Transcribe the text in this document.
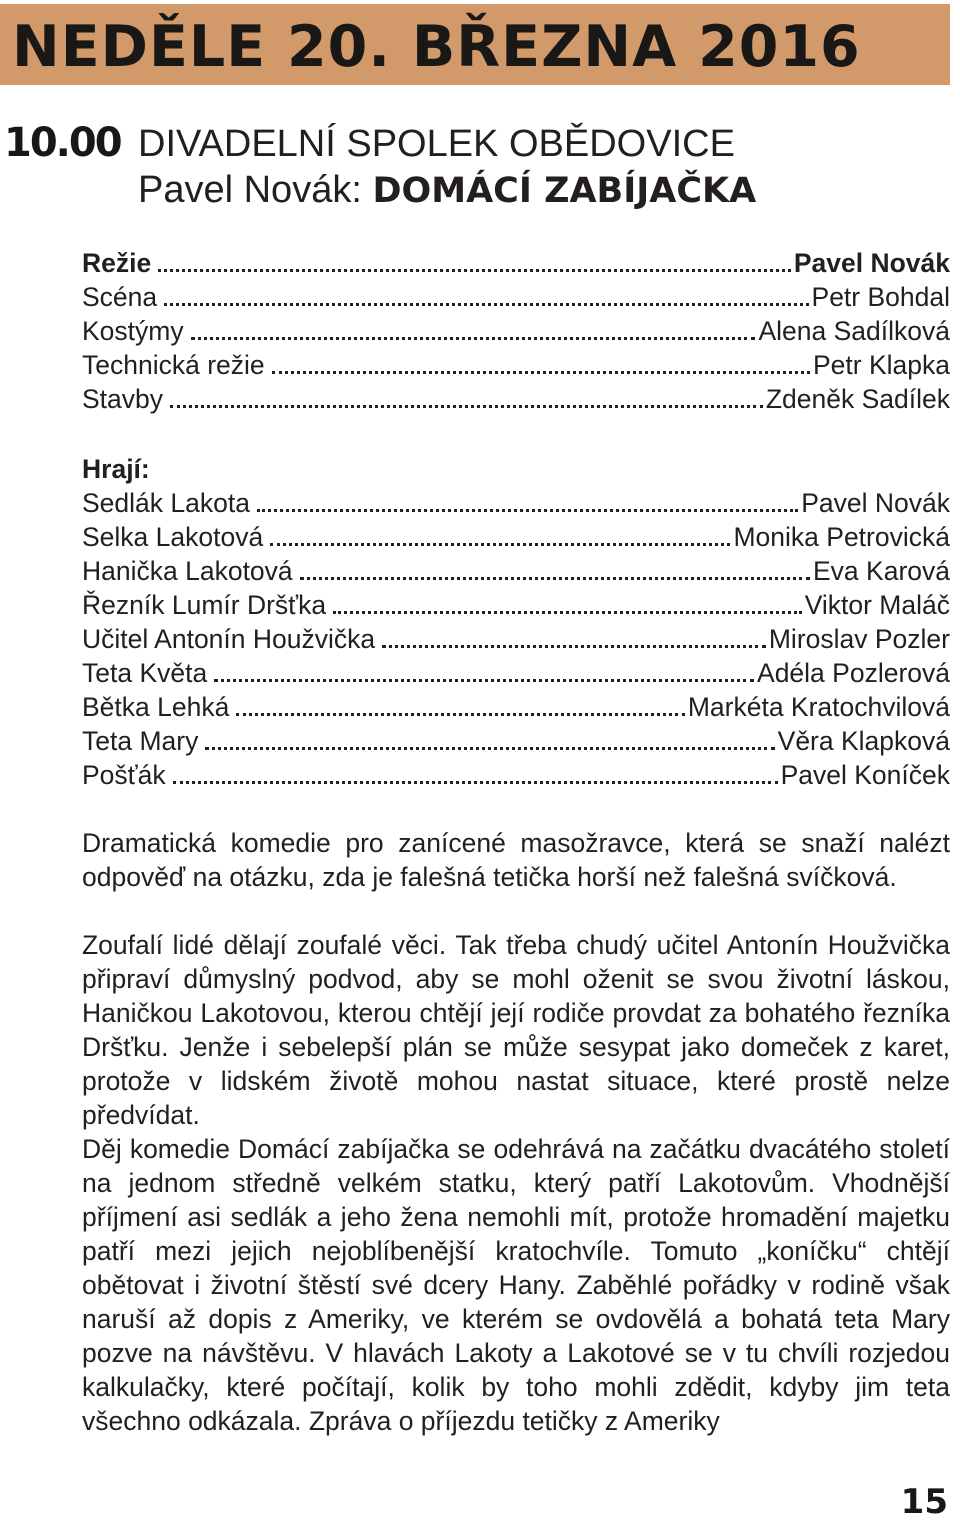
NEDĚLE 20. BŘEZNA 2016
10.00 DIVADELNÍ SPOLEK OBĚDOVICE
Pavel Novák: DOMÁCÍ ZABÍJAČKA
Režie	Pavel Novák
Scéna	Petr Bohdal
Kostýmy	Alena Sadílková
Technická režie	Petr Klapka
Stavby	Zdeněk Sadílek
Hrají:
Sedlák Lakota	Pavel Novák
Selka Lakotová	Monika Petrovická
Hanička Lakotová	Eva Karová
Řezník Lumír Dršťka	Viktor Maláč
Učitel Antonín Houžvička	Miroslav Pozler
Teta Květa	Adéla Pozlerová
Bětka Lehká	Markéta Kratochvilová
Teta Mary	Věra Klapková
Pošťák	Pavel Koníček

Dramatická komedie pro zanícené masožravce, která se snaží nalézt odpověď na otázku, zda je falešná tetička horší než falešná svíčková.

Zoufalí lidé dělají zoufalé věci. Tak třeba chudý učitel Antonín Houžvička připraví důmyslný podvod, aby se mohl oženit se svou životní láskou, Haničkou Lakotovou, kterou chtějí její rodiče provdat za bohatého řezníka Dršťku. Jenže i sebelepší plán se může sesypat jako domeček z karet, protože v lidském životě mohou nastat situace, které prostě nelze předvídat.

Děj komedie Domácí zabíjačka se odehrává na začátku dvacátého století na jednom středně velkém statku, který patří Lakotovům. Vhodnější příjmení asi sedlák a jeho žena nemohli mít, protože hromadění majetku patří mezi jejich nejoblíbenější kratochvíle. Tomuto „koníčku“ chtějí obětovat i životní štěstí své dcery Hany. Zaběhlé pořádky v rodině však naruší až dopis z Ameriky, ve kterém se ovdovělá a bohatá teta Mary pozve na návštěvu. V hlavách Lakoty a Lakotové se v tu chvíli rozjedou kalkulačky, které počítají, kolik by toho mohli zdědit, kdyby jim teta všechno odkázala. Zpráva o příjezdu tetičky z Ameriky

15
